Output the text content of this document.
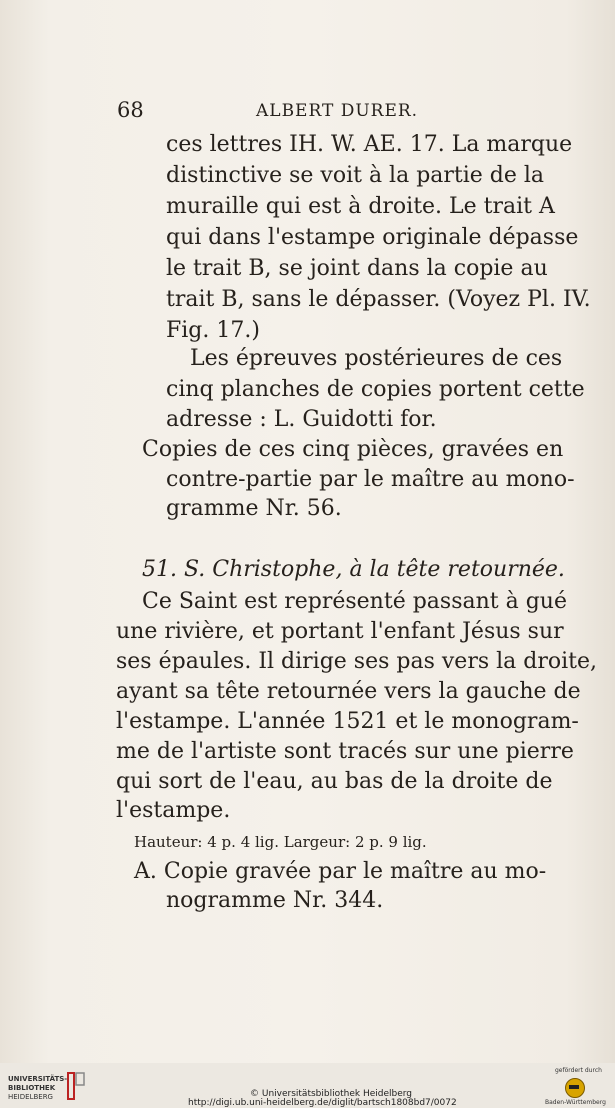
68	ALBERT DURER.
ces lettres IH. W. AE. 17. La marque
distinctive se voit à la partie de la
muraille qui est à droite. Le trait A
qui dans l'estampe originale dépasse
le trait B, se joint dans la copie au
trait B, sans le dépasser. (Voyez Pl. IV.
Fig. 17.)
Les épreuves postérieures de ces
cinq planches de copies portent cette
adresse : L. Guidotti for.
Copies de ces cinq pièces, gravées en
contre-partie par le maître au mono-
gramme Nr. 56.
51. S. Christophe, à la tête retournée.
Ce Saint est représenté passant à gué
une rivière, et portant l'enfant Jésus sur
ses épaules. Il dirige ses pas vers la droite,
ayant sa tête retournée vers la gauche de
l'estampe. L'année 1521 et le monogram-
me de l'artiste sont tracés sur une pierre
qui sort de l'eau, au bas de la droite de
l'estampe.
Hauteur: 4 p. 4 lig. Largeur: 2 p. 9 lig.
A. Copie gravée par le maître au mo-
nogramme Nr. 344.
UNIVERSITÄTS-
BIBLIOTHEK
HEIDELBERG	© Universitätsbibliothek Heidelberg
http://digi.ub.uni-heidelberg.de/diglit/bartsch1808bd7/0072
gefördert durch
Baden-Württemberg
